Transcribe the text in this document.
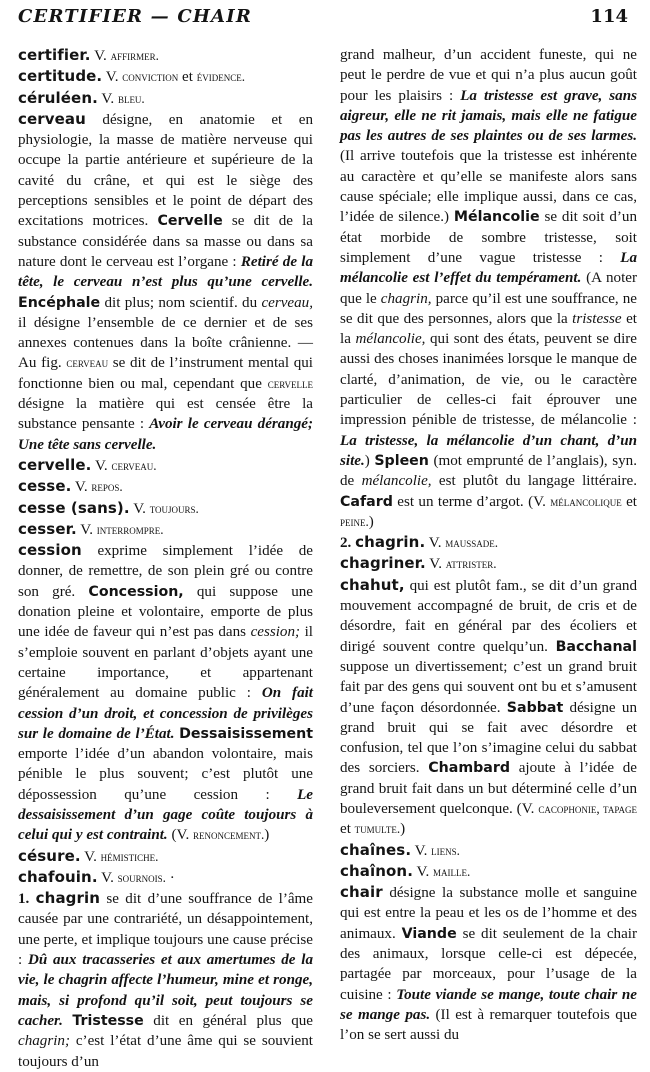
CERTIFIER — CHAIR	114

certifier. V. affirmer.

certitude. V. conviction et évidence.

céruléen. V. bleu.

cerveau désigne, en anatomie et en physiologie, la masse de matière nerveuse qui occupe la partie antérieure et supérieure de la cavité du crâne, et qui est le siège des perceptions sensibles et le point de départ des excitations motrices. Cervelle se dit de la substance considérée dans sa masse ou dans sa nature dont le cerveau est l’organe : Retiré de la tête, le cerveau n’est plus qu’une cervelle. Encéphale dit plus; nom scientif. du cerveau, il désigne l’ensemble de ce dernier et de ses annexes contenues dans la boîte crânienne. — Au fig. cerveau se dit de l’instrument mental qui fonctionne bien ou mal, cependant que cervelle désigne la matière qui est censée être la substance pensante : Avoir le cerveau dérangé; Une tête sans cervelle.

cervelle. V. cerveau.

cesse. V. repos.

cesse (sans). V. toujours.

cesser. V. interrompre.

cession exprime simplement l’idée de donner, de remettre, de son plein gré ou contre son gré. Concession, qui suppose une donation pleine et volontaire, emporte de plus une idée de faveur qui n’est pas dans cession; il s’emploie souvent en parlant d’objets ayant une certaine importance, et appartenant généralement au domaine public : On fait cession d’un droit, et concession de privilèges sur le domaine de l’État. Dessaisissement emporte l’idée d’un abandon volontaire, mais pénible le plus souvent; c’est plutôt une dépossession qu’une cession : Le dessaisissement d’un gage coûte toujours à celui qui y est contraint. (V. renoncement.)

césure. V. hémistiche.

chafouin. V. sournois. ·

1. chagrin se dit d’une souffrance de l’âme causée par une contrariété, un désappointement, une perte, et implique toujours une cause précise : Dû aux tracasseries et aux amertumes de la vie, le chagrin affecte l’humeur, mine et ronge, mais, si profond qu’il soit, peut toujours se cacher. Tristesse dit en général plus que chagrin; c’est l’état d’une âme qui se souvient toujours d’un

grand malheur, d’un accident funeste, qui ne peut le perdre de vue et qui n’a plus aucun goût pour les plaisirs : La tristesse est grave, sans aigreur, elle ne rit jamais, mais elle ne fatigue pas les autres de ses plaintes ou de ses larmes. (Il arrive toutefois que la tristesse est inhérente au caractère et qu’elle se manifeste alors sans cause spéciale; elle implique aussi, dans ce cas, l’idée de silence.) Mélancolie se dit soit d’un état morbide de sombre tristesse, soit simplement d’une vague tristesse : La mélancolie est l’effet du tempérament. (A noter que le chagrin, parce qu’il est une souffrance, ne se dit que des personnes, alors que la tristesse et la mélancolie, qui sont des états, peuvent se dire aussi des choses inanimées lorsque le manque de clarté, d’animation, de vie, ou le caractère particulier de celles-ci fait éprouver une impression pénible de tristesse, de mélancolie : La tristesse, la mélancolie d’un chant, d’un site.) Spleen (mot emprunté de l’anglais), syn. de mélancolie, est plutôt du langage littéraire. Cafard est un terme d’argot. (V. mélancolique et peine.)

2. chagrin. V. maussade.

chagriner. V. attrister.

chahut, qui est plutôt fam., se dit d’un grand mouvement accompagné de bruit, de cris et de désordre, fait en général par des écoliers et dirigé souvent contre quelqu’un. Bacchanal suppose un divertissement; c’est un grand bruit fait par des gens qui souvent ont bu et s’amusent d’une façon désordonnée. Sabbat désigne un grand bruit qui se fait avec désordre et confusion, tel que l’on s’imagine celui du sabbat des sorciers. Chambard ajoute à l’idée de grand bruit fait dans un but déterminé celle d’un bouleversement quelconque. (V. cacophonie, tapage et tumulte.)

chaînes. V. liens.

chaînon. V. maille.

chair désigne la substance molle et sanguine qui est entre la peau et les os de l’homme et des animaux. Viande se dit seulement de la chair des animaux, lorsque celle-ci est dépecée, partagée par morceaux, pour l’usage de la cuisine : Toute viande se mange, toute chair ne se mange pas. (Il est à remarquer toutefois que l’on se sert aussi du
